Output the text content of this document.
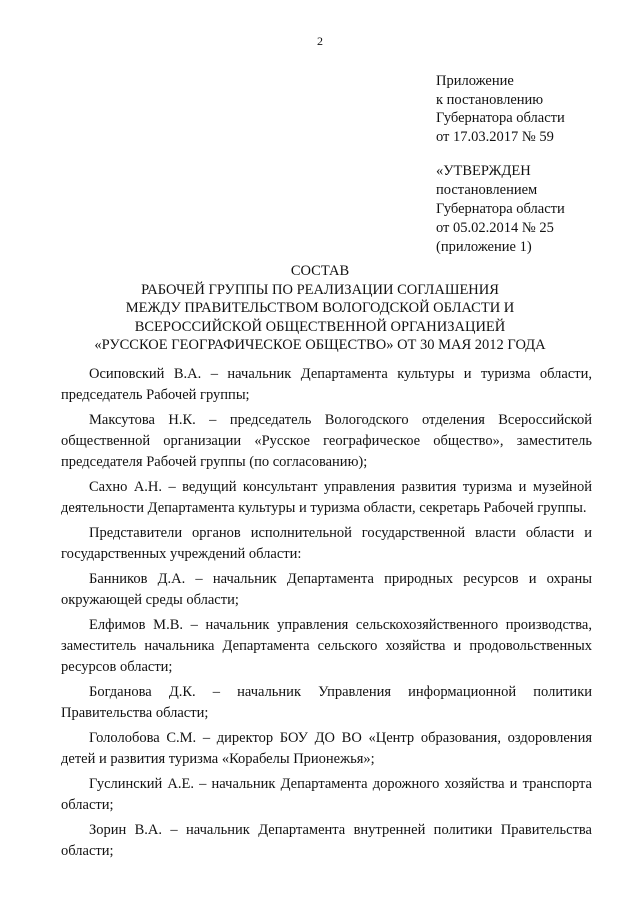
2
Приложение
к постановлению
Губернатора области
от 17.03.2017 № 59
«УТВЕРЖДЕН
постановлением
Губернатора области
от 05.02.2014 № 25
(приложение 1)
СОСТАВ
РАБОЧЕЙ ГРУППЫ ПО РЕАЛИЗАЦИИ СОГЛАШЕНИЯ
МЕЖДУ ПРАВИТЕЛЬСТВОМ ВОЛОГОДСКОЙ ОБЛАСТИ И
ВСЕРОССИЙСКОЙ ОБЩЕСТВЕННОЙ ОРГАНИЗАЦИЕЙ
«РУССКОЕ ГЕОГРАФИЧЕСКОЕ ОБЩЕСТВО» ОТ 30 МАЯ 2012 ГОДА

Осиповский В.А. – начальник Департамента культуры и туризма области, председатель Рабочей группы;

Максутова Н.К. – председатель Вологодского отделения Всероссийской общественной организации «Русское географическое общество», заместитель председателя Рабочей группы (по согласованию);

Сахно А.Н. – ведущий консультант управления развития туризма и музейной деятельности Департамента культуры и туризма области, секретарь Рабочей группы.

Представители органов исполнительной государственной власти области и государственных учреждений области:

Банников Д.А. – начальник Департамента природных ресурсов и охраны окружающей среды области;

Елфимов М.В. – начальник управления сельскохозяйственного производства, заместитель начальника Департамента сельского хозяйства и продовольственных ресурсов области;

Богданова Д.К. – начальник Управления информационной политики Правительства области;

Гололобова С.М. – директор БОУ ДО ВО «Центр образования, оздоровления детей и развития туризма «Корабелы Прионежья»;

Гуслинский А.Е. – начальник Департамента дорожного хозяйства и транспорта области;

Зорин В.А. – начальник Департамента внутренней политики Правительства области;
